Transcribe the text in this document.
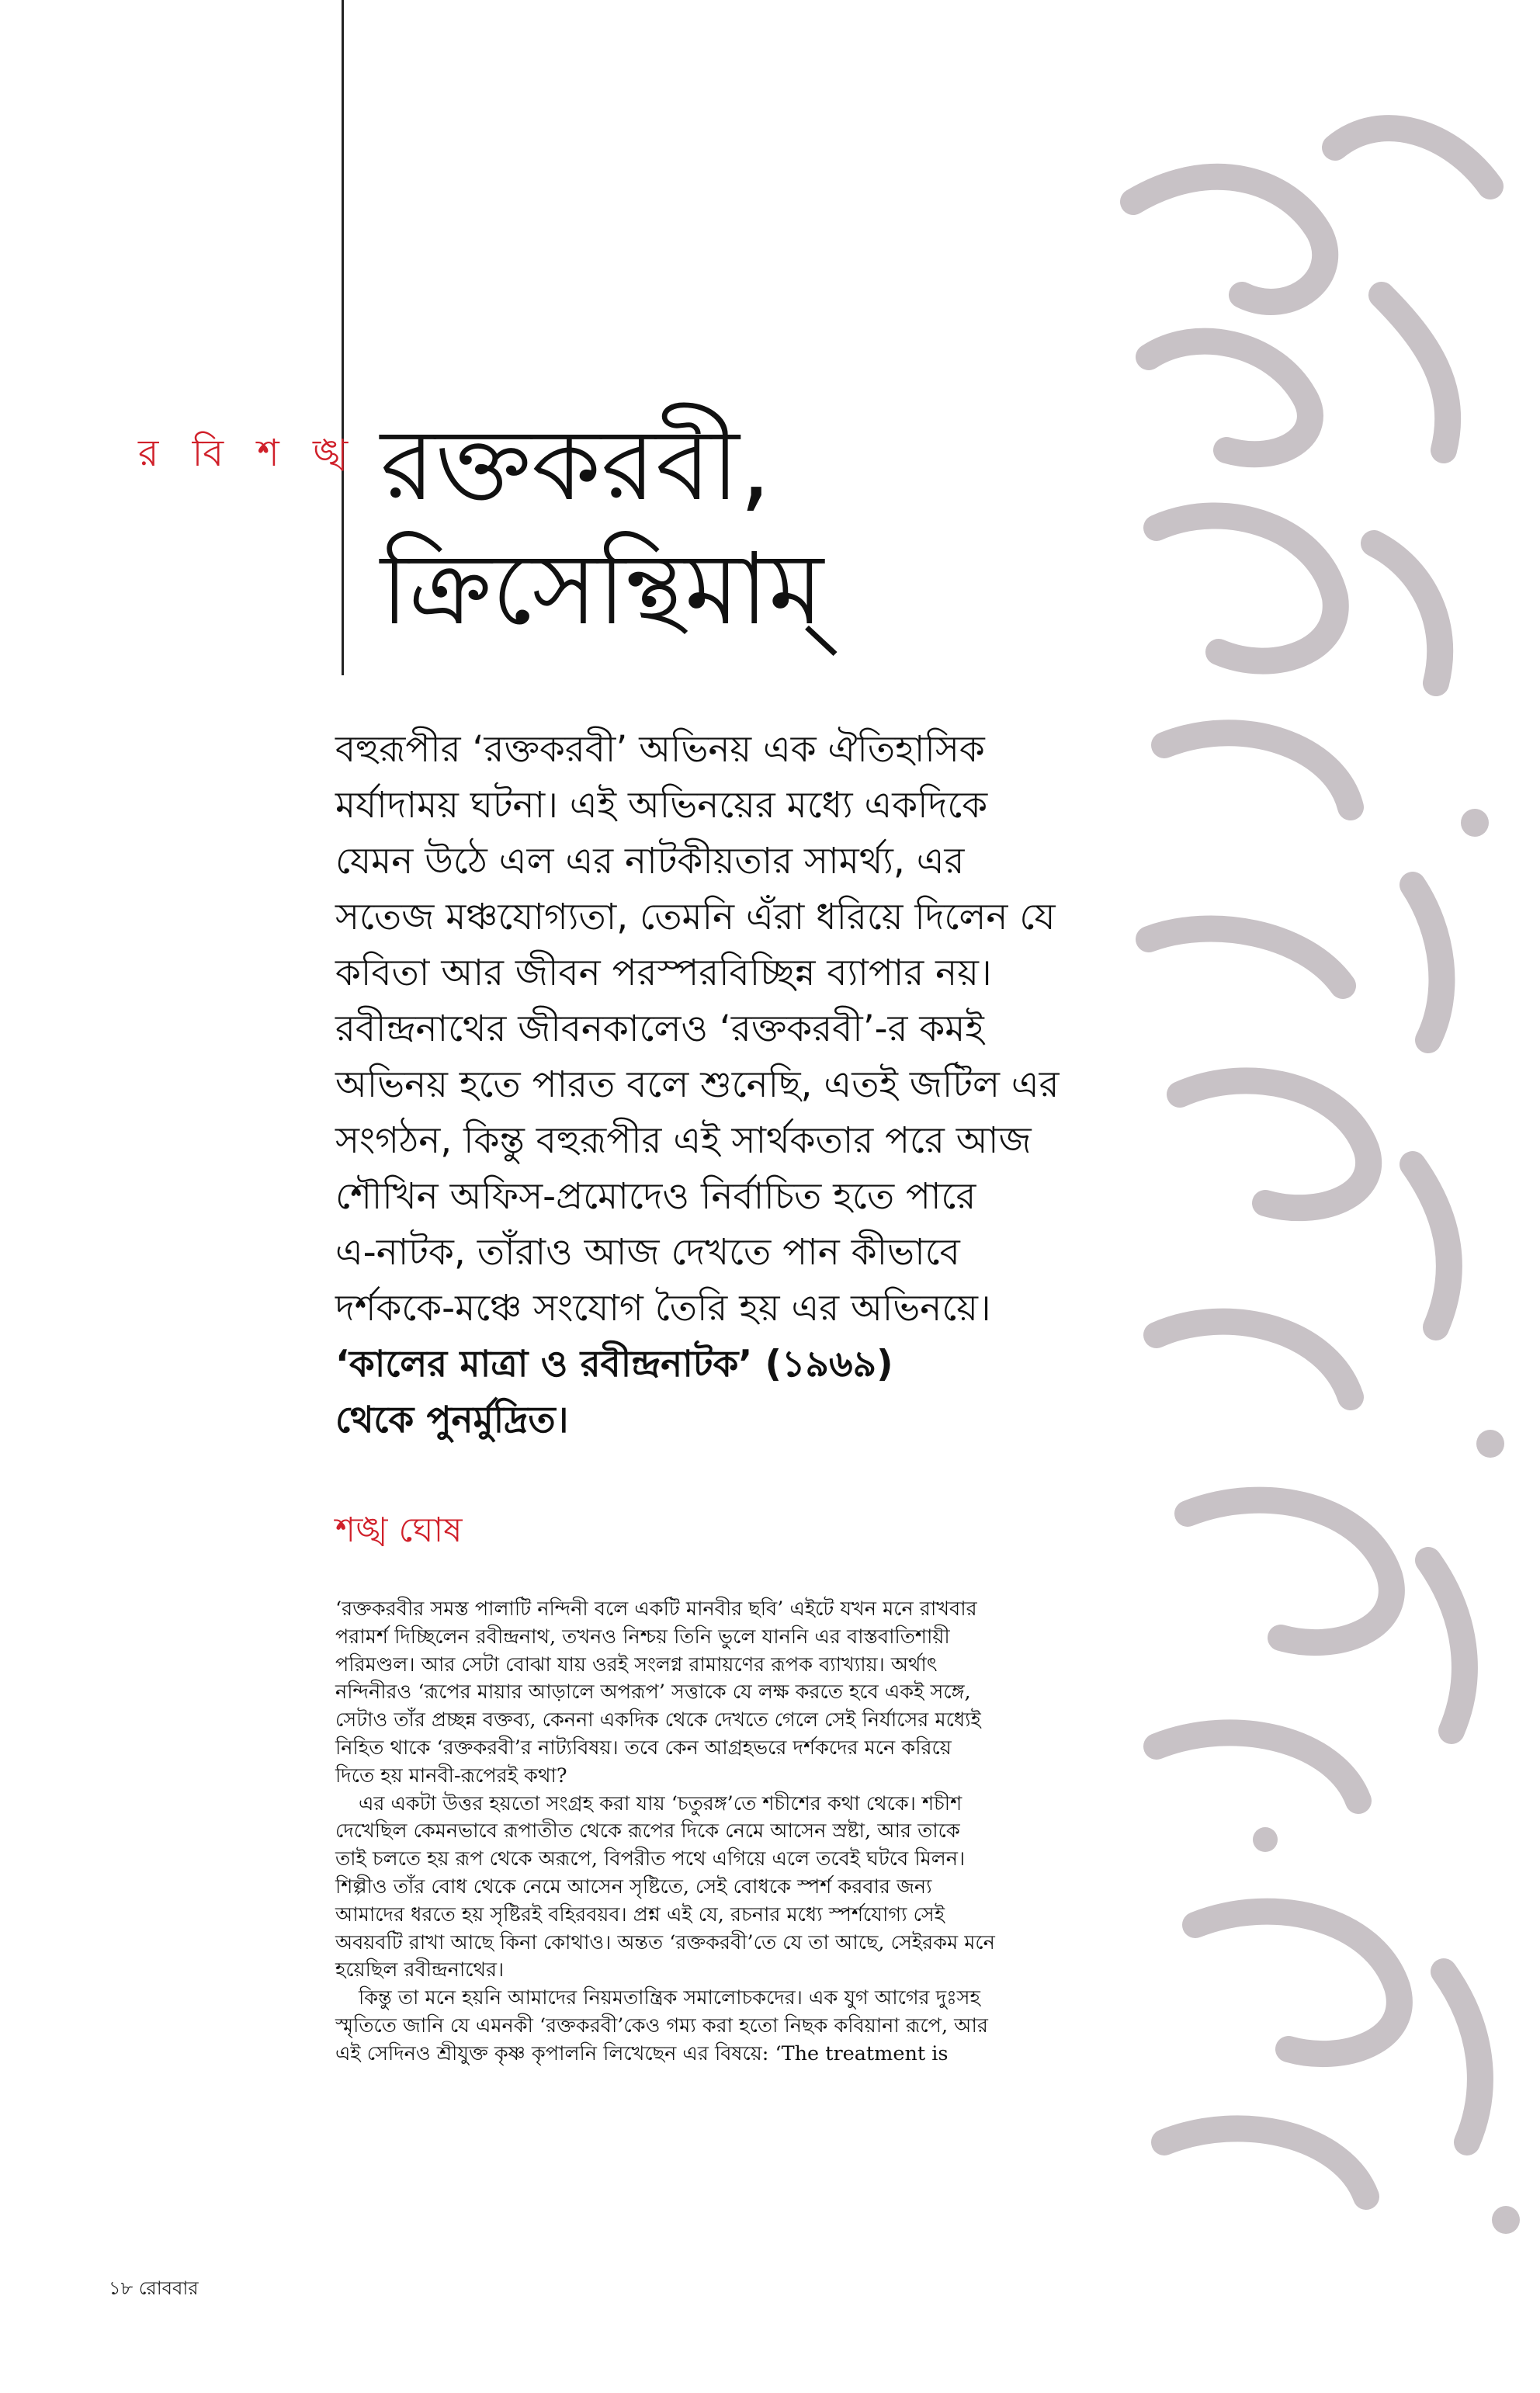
র বি শ ঙ্খ রক্তকরবী,
ক্রিসেন্থিমাম্
বহুরূপীর ‘রক্তকরবী’ অভিনয় এক ঐতিহাসিক
মর্যাদাময় ঘটনা। এই অভিনয়ের মধ্যে একদিকে
যেমন উঠে এল এর নাটকীয়তার সামর্থ্য, এর
সতেজ মঞ্চযোগ্যতা, তেমনি এঁরা ধরিয়ে দিলেন যে
কবিতা আর জীবন পরস্পরবিচ্ছিন্ন ব্যাপার নয়।
রবীন্দ্রনাথের জীবনকালেও ‘রক্তকরবী’-র কমই
অভিনয় হতে পারত বলে শুনেছি, এতই জটিল এর
সংগঠন, কিন্তু বহুরূপীর এই সার্থকতার পরে আজ
শৌখিন অফিস-প্রমোদেও নির্বাচিত হতে পারে
এ-নাটক, তাঁরাও আজ দেখতে পান কীভাবে
দর্শককে-মঞ্চে সংযোগ তৈরি হয় এর অভিনয়ে।
‘কালের মাত্রা ও রবীন্দ্রনাটক’ (১৯৬৯)
থেকে পুনর্মুদ্রিত।
শঙ্খ ঘোষ
‘রক্তকরবীর সমস্ত পালাটি নন্দিনী বলে একটি মানবীর ছবি’ এইটে যখন মনে রাখবার
পরামর্শ দিচ্ছিলেন রবীন্দ্রনাথ, তখনও নিশ্চয় তিনি ভুলে যাননি এর বাস্তবাতিশায়ী
পরিমণ্ডল। আর সেটা বোঝা যায় ওরই সংলগ্ন রামায়ণের রূপক ব্যাখ্যায়। অর্থাৎ
নন্দিনীরও ‘রূপের মায়ার আড়ালে অপরূপ’ সত্তাকে যে লক্ষ করতে হবে একই সঙ্গে,
সেটাও তাঁর প্রচ্ছন্ন বক্তব্য, কেননা একদিক থেকে দেখতে গেলে সেই নির্যাসের মধ্যেই
নিহিত থাকে ‘রক্তকরবী’র নাট্যবিষয়। তবে কেন আগ্রহভরে দর্শকদের মনে করিয়ে
দিতে হয় মানবী-রূপেরই কথা?
এর একটা উত্তর হয়তো সংগ্রহ করা যায় ‘চতুরঙ্গ’তে শচীশের কথা থেকে। শচীশ
দেখেছিল কেমনভাবে রূপাতীত থেকে রূপের দিকে নেমে আসেন স্রষ্টা, আর তাকে
তাই চলতে হয় রূপ থেকে অরূপে, বিপরীত পথে এগিয়ে এলে তবেই ঘটবে মিলন।
শিল্পীও তাঁর বোধ থেকে নেমে আসেন সৃষ্টিতে, সেই বোধকে স্পর্শ করবার জন্য
আমাদের ধরতে হয় সৃষ্টিরই বহিরবয়ব। প্রশ্ন এই যে, রচনার মধ্যে স্পর্শযোগ্য সেই
অবয়বটি রাখা আছে কিনা কোথাও। অন্তত ‘রক্তকরবী’তে যে তা আছে, সেইরকম মনে
হয়েছিল রবীন্দ্রনাথের।
কিন্তু তা মনে হয়নি আমাদের নিয়মতান্ত্রিক সমালোচকদের। এক যুগ আগের দুঃসহ
স্মৃতিতে জানি যে এমনকী ‘রক্তকরবী’কেও গম্য করা হতো নিছক কবিয়ানা রূপে, আর
এই সেদিনও শ্রীযুক্ত কৃষ্ণ কৃপালনি লিখেছেন এর বিষয়ে: ‘The treatment is
১৮ রোববার
